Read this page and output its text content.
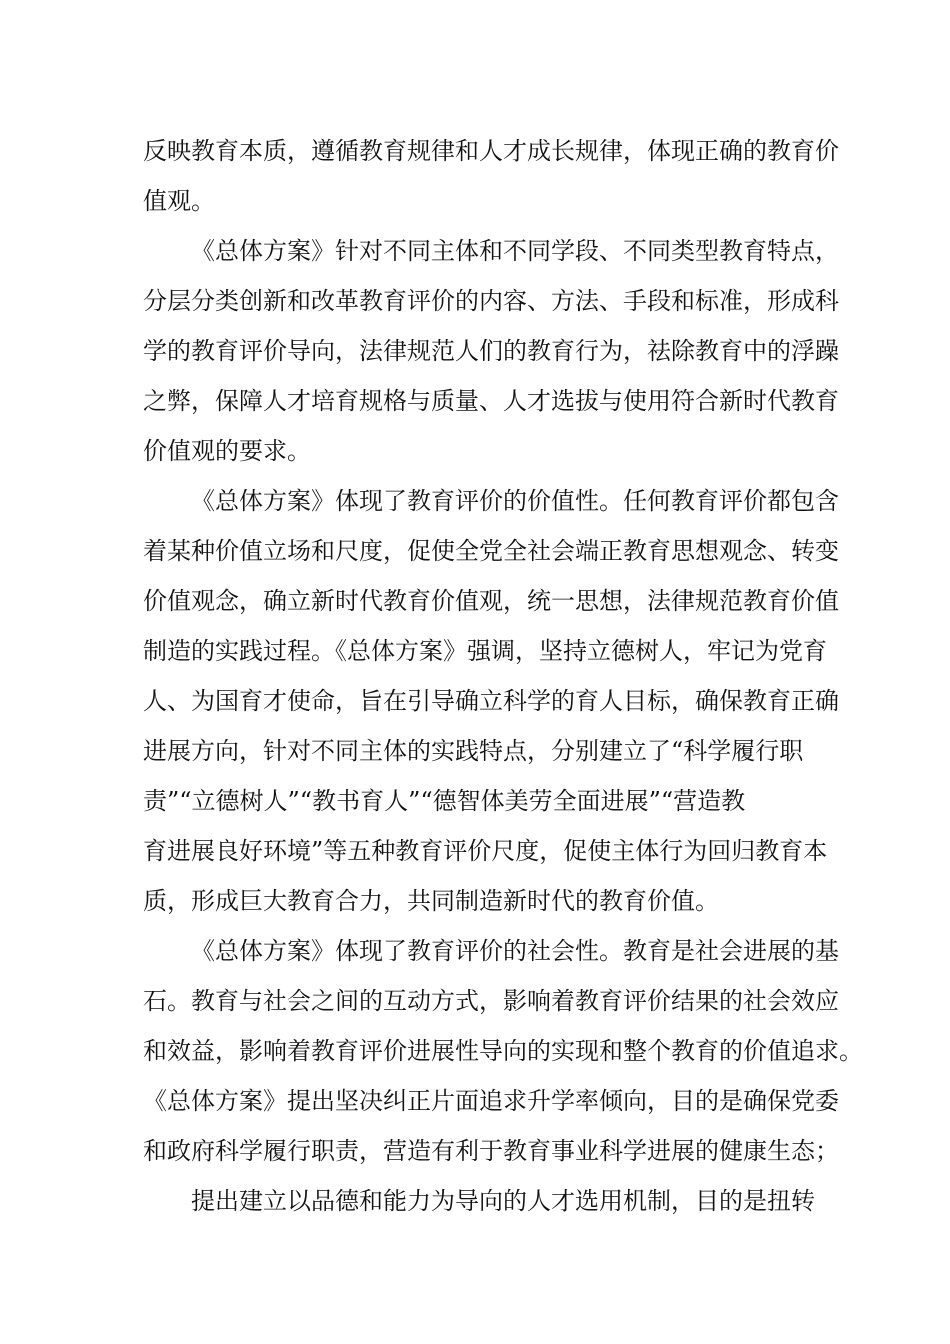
反映教育本质，遵循教育规律和人才成长规律，体现正确的教育价
值观。
《总体方案》针对不同主体和不同学段、不同类型教育特点，
分层分类创新和改革教育评价的内容、方法、手段和标准，形成科
学的教育评价导向，法律规范人们的教育行为，祛除教育中的浮躁
之弊，保障人才培育规格与质量、人才选拔与使用符合新时代教育
价值观的要求。
《总体方案》体现了教育评价的价值性。任何教育评价都包含
着某种价值立场和尺度，促使全党全社会端正教育思想观念、转变
价值观念，确立新时代教育价值观，统一思想，法律规范教育价值
制造的实践过程。《总体方案》强调，坚持立德树人，牢记为党育
人、为国育才使命，旨在引导确立科学的育人目标，确保教育正确
进展方向，针对不同主体的实践特点，分别建立了“科学履行职
责”“立德树人”“教书育人”“德智体美劳全面进展”“营造教
育进展良好环境”等五种教育评价尺度，促使主体行为回归教育本
质，形成巨大教育合力，共同制造新时代的教育价值。
《总体方案》体现了教育评价的社会性。教育是社会进展的基
石。教育与社会之间的互动方式，影响着教育评价结果的社会效应
和效益，影响着教育评价进展性导向的实现和整个教育的价值追求。
《总体方案》提出坚决纠正片面追求升学率倾向，目的是确保党委
和政府科学履行职责，营造有利于教育事业科学进展的健康生态；
提出建立以品德和能力为导向的人才选用机制，目的是扭转
